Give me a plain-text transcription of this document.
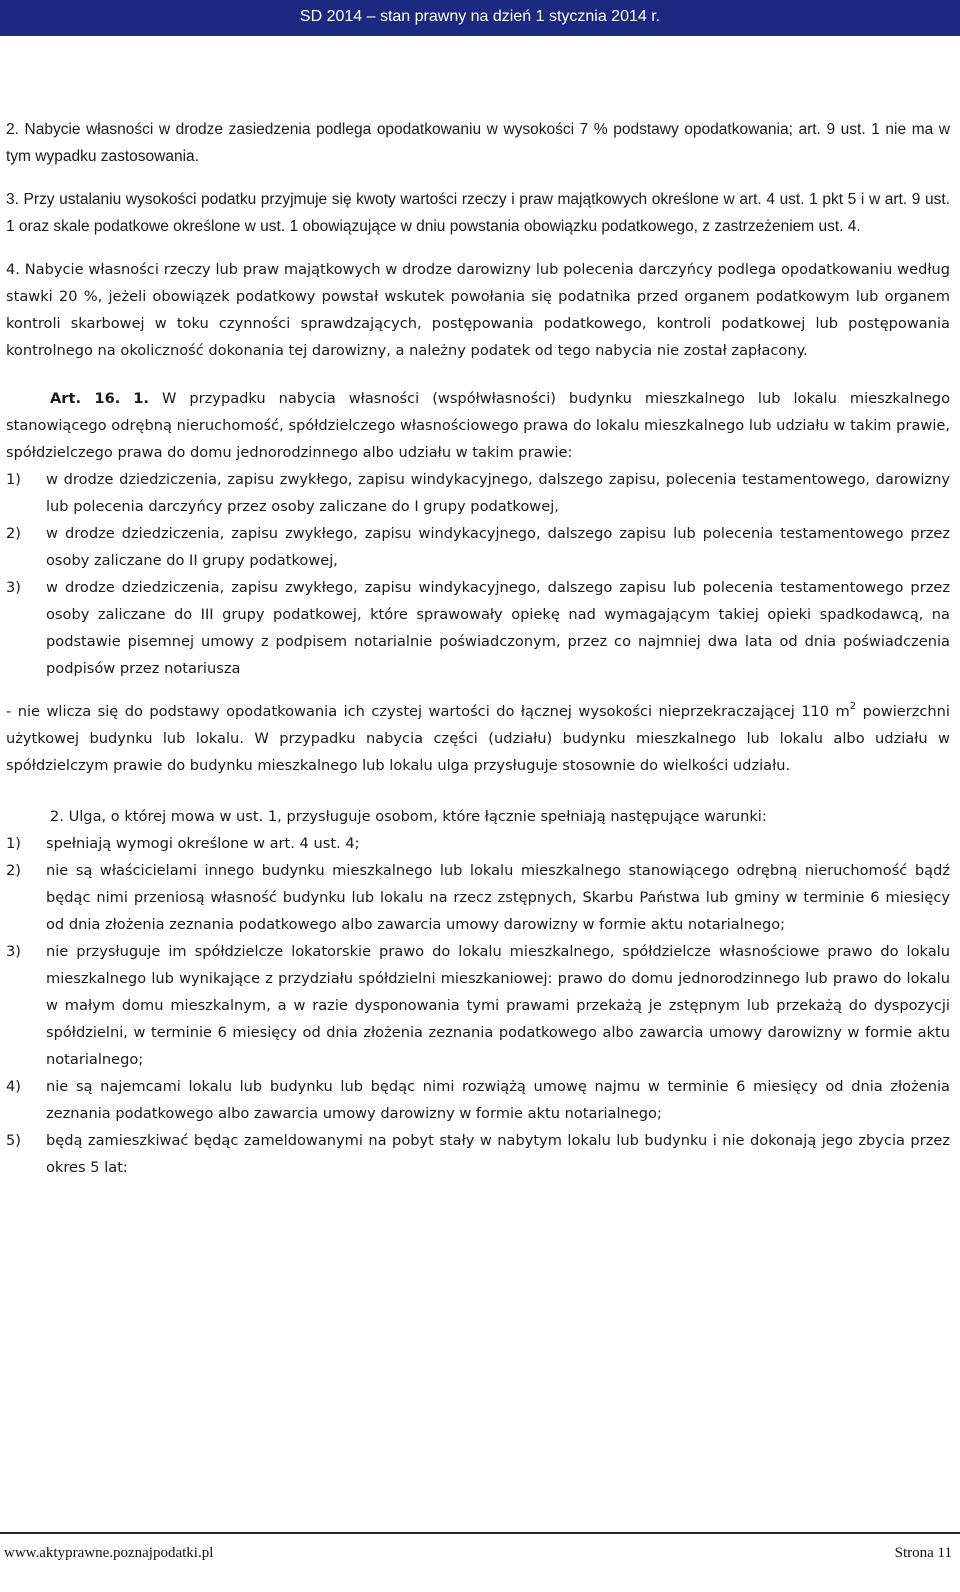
SD 2014 – stan prawny na dzień 1 stycznia 2014 r.

2. Nabycie własności w drodze zasiedzenia podlega opodatkowaniu w wysokości 7 % podstawy opodatkowania; art. 9 ust. 1 nie ma w tym wypadku zastosowania.

3. Przy ustalaniu wysokości podatku przyjmuje się kwoty wartości rzeczy i praw majątkowych określone w art. 4 ust. 1 pkt 5 i w art. 9 ust. 1 oraz skale podatkowe określone w ust. 1 obowiązujące w dniu powstania obowiązku podatkowego, z zastrzeżeniem ust. 4.

4. Nabycie własności rzeczy lub praw majątkowych w drodze darowizny lub polecenia darczyńcy podlega opodatkowaniu według stawki 20 %, jeżeli obowiązek podatkowy powstał wskutek powołania się podatnika przed organem podatkowym lub organem kontroli skarbowej w toku czynności sprawdzających, postępowania podatkowego, kontroli podatkowej lub postępowania kontrolnego na okoliczność dokonania tej darowizny, a należny podatek od tego nabycia nie został zapłacony.

Art. 16. 1. W przypadku nabycia własności (współwłasności) budynku mieszkalnego lub lokalu mieszkalnego stanowiącego odrębną nieruchomość, spółdzielczego własnościowego prawa do lokalu mieszkalnego lub udziału w takim prawie, spółdzielczego prawa do domu jednorodzinnego albo udziału w takim prawie:

1)	w drodze dziedziczenia, zapisu zwykłego, zapisu windykacyjnego, dalszego zapisu, polecenia testamentowego, darowizny lub polecenia darczyńcy przez osoby zaliczane do I grupy podatkowej,
2)	w drodze dziedziczenia, zapisu zwykłego, zapisu windykacyjnego, dalszego zapisu lub polecenia testamentowego przez osoby zaliczane do II grupy podatkowej,
3)	w drodze dziedziczenia, zapisu zwykłego, zapisu windykacyjnego, dalszego zapisu lub polecenia testamentowego przez osoby zaliczane do III grupy podatkowej, które sprawowały opiekę nad wymagającym takiej opieki spadkodawcą, na podstawie pisemnej umowy z podpisem notarialnie poświadczonym, przez co najmniej dwa lata od dnia poświadczenia podpisów przez notariusza

- nie wlicza się do podstawy opodatkowania ich czystej wartości do łącznej wysokości nieprzekraczającej 110 $m^2$ powierzchni użytkowej budynku lub lokalu. W przypadku nabycia części (udziału) budynku mieszkalnego lub lokalu albo udziału w spółdzielczym prawie do budynku mieszkalnego lub lokalu ulga przysługuje stosownie do wielkości udziału.

2. Ulga, o której mowa w ust. 1, przysługuje osobom, które łącznie spełniają następujące warunki:

1)	spełniają wymogi określone w art. 4 ust. 4;
2)	nie są właścicielami innego budynku mieszkalnego lub lokalu mieszkalnego stanowiącego odrębną nieruchomość bądź będąc nimi przeniosą własność budynku lub lokalu na rzecz zstępnych, Skarbu Państwa lub gminy w terminie 6 miesięcy od dnia złożenia zeznania podatkowego albo zawarcia umowy darowizny w formie aktu notarialnego;
3)	nie przysługuje im spółdzielcze lokatorskie prawo do lokalu mieszkalnego, spółdzielcze własnościowe prawo do lokalu mieszkalnego lub wynikające z przydziału spółdzielni mieszkaniowej: prawo do domu jednorodzinnego lub prawo do lokalu w małym domu mieszkalnym, a w razie dysponowania tymi prawami przekażą je zstępnym lub przekażą do dyspozycji spółdzielni, w terminie 6 miesięcy od dnia złożenia zeznania podatkowego albo zawarcia umowy darowizny w formie aktu notarialnego;
4)	nie są najemcami lokalu lub budynku lub będąc nimi rozwiążą umowę najmu w terminie 6 miesięcy od dnia złożenia zeznania podatkowego albo zawarcia umowy darowizny w formie aktu notarialnego;
5)	będą zamieszkiwać będąc zameldowanymi na pobyt stały w nabytym lokalu lub budynku i nie dokonają jego zbycia przez okres 5 lat:
www.aktyprawne.poznajpodatki.pl	Strona 11
